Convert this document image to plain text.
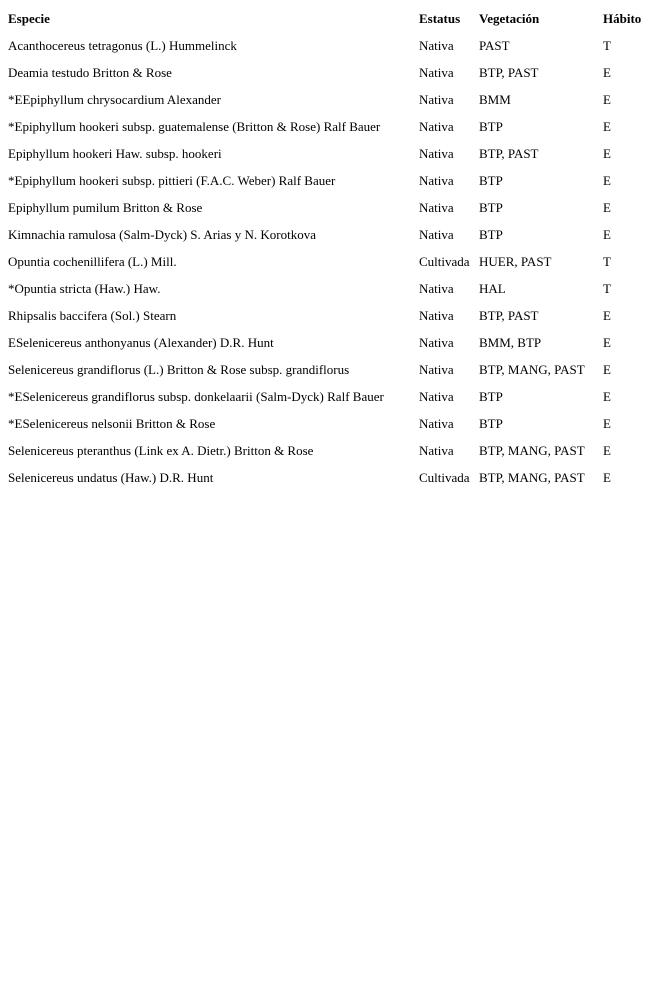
Especie	Estatus	Vegetación	Hábito
Acanthocereus tetragonus (L.) Hummelinck	Nativa	PAST	T
Deamia testudo Britton & Rose	Nativa	BTP, PAST	E
*EEpiphyllum chrysocardium Alexander	Nativa	BMM	E
*Epiphyllum hookeri subsp. guatemalense (Britton & Rose) Ralf Bauer	Nativa	BTP	E
Epiphyllum hookeri Haw. subsp. hookeri	Nativa	BTP, PAST	E
*Epiphyllum hookeri subsp. pittieri (F.A.C. Weber) Ralf Bauer	Nativa	BTP	E
Epiphyllum pumilum Britton & Rose	Nativa	BTP	E
Kimnachia ramulosa (Salm-Dyck) S. Arias y N. Korotkova	Nativa	BTP	E
Opuntia cochenillifera (L.) Mill.	Cultivada	HUER, PAST	T
*Opuntia stricta (Haw.) Haw.	Nativa	HAL	T
Rhipsalis baccifera (Sol.) Stearn	Nativa	BTP, PAST	E
ESelenicereus anthonyanus (Alexander) D.R. Hunt	Nativa	BMM, BTP	E
Selenicereus grandiflorus (L.) Britton & Rose subsp. grandiflorus	Nativa	BTP, MANG, PAST	E
*ESelenicereus grandiflorus subsp. donkelaarii (Salm-Dyck) Ralf Bauer	Nativa	BTP	E
*ESelenicereus nelsonii Britton & Rose	Nativa	BTP	E
Selenicereus pteranthus (Link ex A. Dietr.) Britton & Rose	Nativa	BTP, MANG, PAST	E
Selenicereus undatus (Haw.) D.R. Hunt	Cultivada	BTP, MANG, PAST	E
